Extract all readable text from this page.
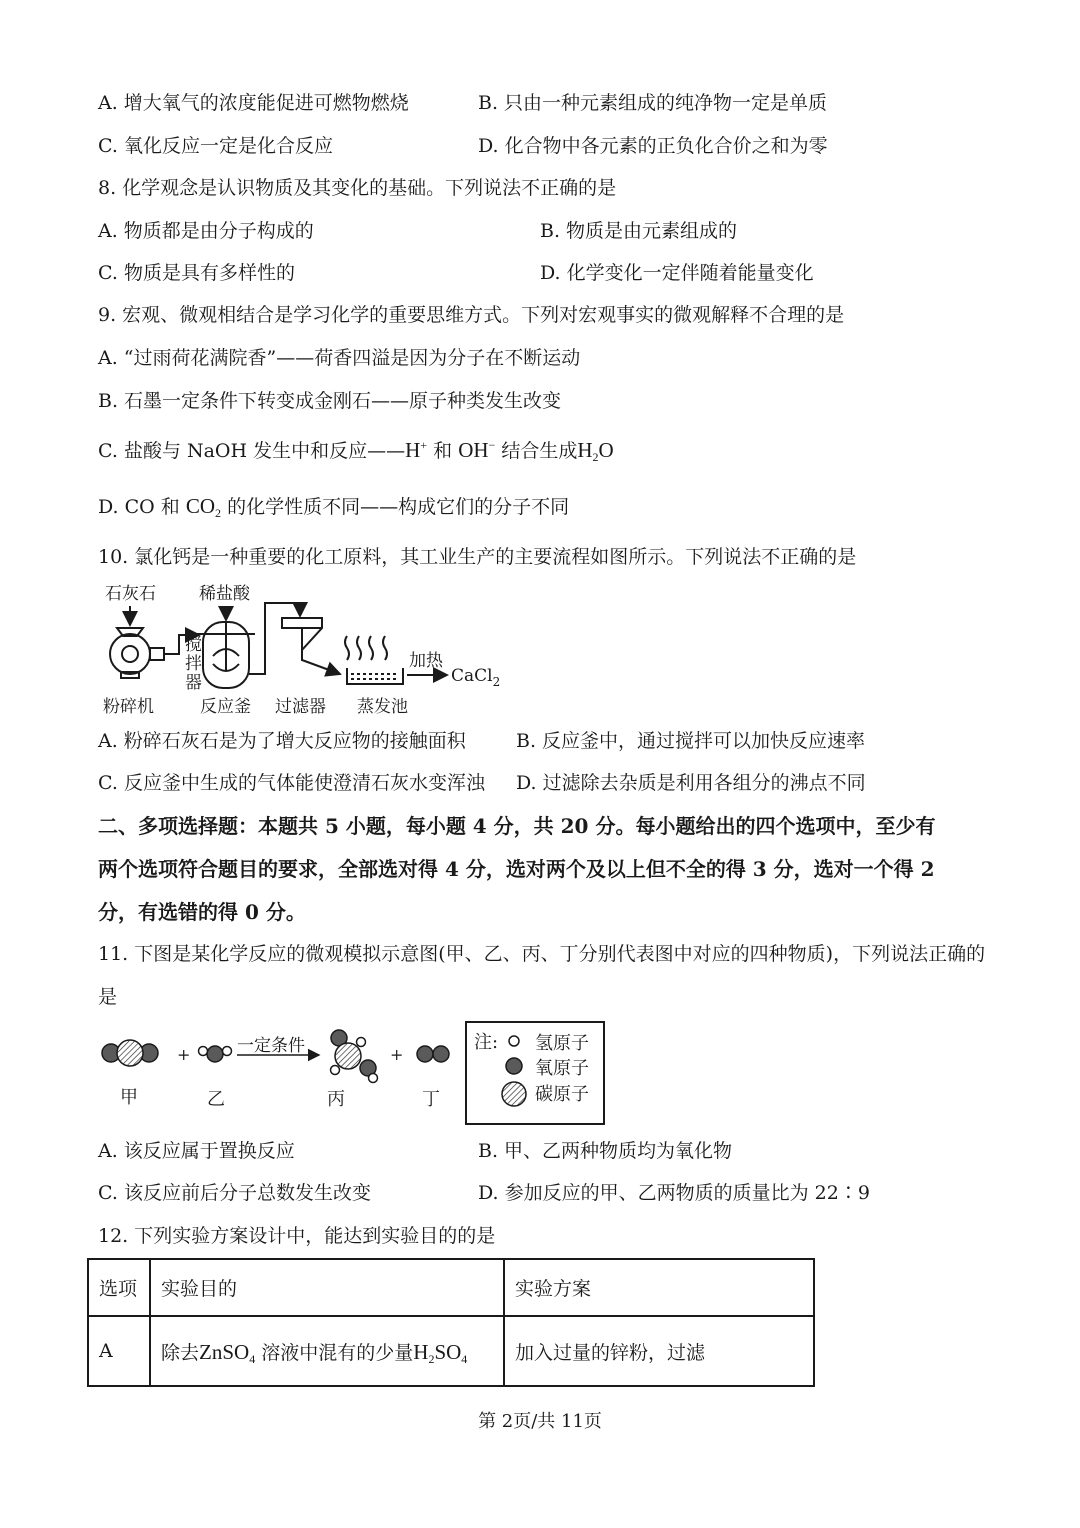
A. 增大氧气的浓度能促进可燃物燃烧	B. 只由一种元素组成的纯净物一定是单质
C. 氧化反应一定是化合反应	D. 化合物中各元素的正负化合价之和为零
8. 化学观念是认识物质及其变化的基础。下列说法不正确的是
A. 物质都是由分子构成的	B. 物质是由元素组成的
C. 物质是具有多样性的	D. 化学变化一定伴随着能量变化
9. 宏观、微观相结合是学习化学的重要思维方式。下列对宏观事实的微观解释不合理的是
A. “过雨荷花满院香”——荷香四溢是因为分子在不断运动
B. 石墨一定条件下转变成金刚石——原子种类发生改变
C. 盐酸与 NaOH 发生中和反应——H+ 和 OH− 结合生成$H_2O$
D. CO 和 $CO_2$ 的化学性质不同——构成它们的分子不同
10. 氯化钙是一种重要的化工原料，其工业生产的主要流程如图所示。下列说法不正确的是
石灰石	稀盐酸
搅
拌
器
加热
CaCl$_2$
粉碎机	反应釜 过滤器 蒸发池
A. 粉碎石灰石是为了增大反应物的接触面积	B. 反应釜中，通过搅拌可以加快反应速率
C. 反应釜中生成的气体能使澄清石灰水变浑浊 D. 过滤除去杂质是利用各组分的沸点不同
二、多项选择题：本题共 5 小题，每小题 4 分，共 20 分。每小题给出的四个选项中，至少有
两个选项符合题目的要求，全部选对得 4 分，选对两个及以上但不全的得 3 分，选对一个得 2
分，有选错的得 0 分。
11. 下图是某化学反应的微观模拟示意图(甲、乙、丙、丁分别代表图中对应的四种物质)，下列说法正确的
是
+	一定条件	+
甲	乙	丙	丁
注: 氢原子
氧原子
碳原子
A. 该反应属于置换反应	B. 甲、乙两种物质均为氧化物
C. 该反应前后分子总数发生改变	D. 参加反应的甲、乙两物质的质量比为 22∶9
12. 下列实验方案设计中，能达到实验目的的是
选项	实验目的	实验方案
A	除去ZnSO$_4$ 溶液中混有的少量$H_2SO_4$	加入过量的锌粉，过滤
第 2页/共 11页
